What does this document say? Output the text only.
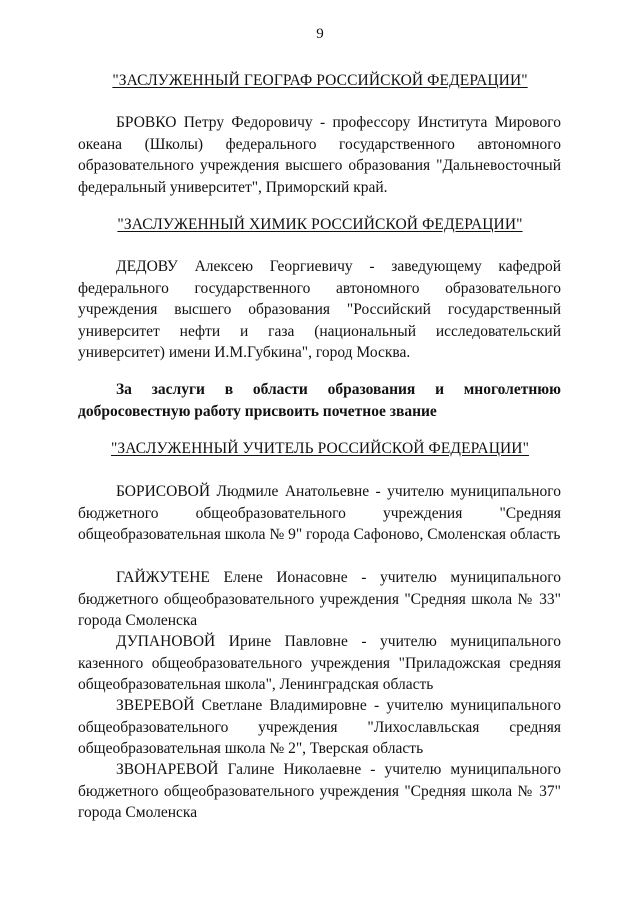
9
"ЗАСЛУЖЕННЫЙ ГЕОГРАФ РОССИЙСКОЙ ФЕДЕРАЦИИ"

БРОВКО Петру Федоровичу - профессору Института Мирового океана (Школы) федерального государственного автономного образовательного учреждения высшего образования "Дальневосточный федеральный университет", Приморский край.

"ЗАСЛУЖЕННЫЙ ХИМИК РОССИЙСКОЙ ФЕДЕРАЦИИ"

ДЕДОВУ Алексею Георгиевичу - заведующему кафедрой федерального государственного автономного образовательного учреждения высшего образования "Российский государственный университет нефти и газа (национальный исследовательский университет) имени И.М.Губкина", город Москва.

За заслуги в области образования и многолетнюю добросовестную работу присвоить почетное звание

"ЗАСЛУЖЕННЫЙ УЧИТЕЛЬ РОССИЙСКОЙ ФЕДЕРАЦИИ"

БОРИСОВОЙ Людмиле Анатольевне - учителю муниципального бюджетного общеобразовательного учреждения "Средняя общеобразовательная школа № 9" города Сафоново, Смоленская область

ГАЙЖУТЕНЕ Елене Ионасовне - учителю муниципального бюджетного общеобразовательного учреждения "Средняя школа № 33" города Смоленска

ДУПАНОВОЙ Ирине Павловне - учителю муниципального казенного общеобразовательного учреждения "Приладожская средняя общеобразовательная школа", Ленинградская область

ЗВЕРЕВОЙ Светлане Владимировне - учителю муниципального общеобразовательного учреждения "Лихославльская средняя общеобразовательная школа № 2", Тверская область

ЗВОНАРЕВОЙ Галине Николаевне - учителю муниципального бюджетного общеобразовательного учреждения "Средняя школа № 37" города Смоленска
